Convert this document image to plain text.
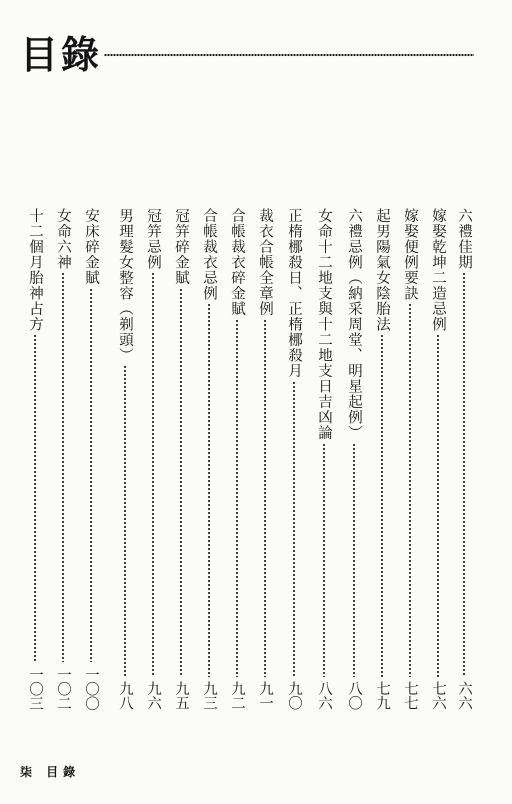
目錄
六禮佳期
六六
嫁娶乾坤二造忌例
七六
嫁娶便例要訣
七七
起男陽氣女陰胎法
七九
六禮忌例（納采周堂、明星起例）
八〇
女命十二地支與十二地支日吉凶論
八六
正楕梛殺日、正楕梛殺月
九〇
裁衣合帳全章例
九一
合帳裁衣碎金賦
九二
合帳裁衣忌例
九三
冠笄碎金賦
九五
冠笄忌例
九六
男理髮女整容（剃頭）
九八
安床碎金賦
一〇〇
女命六神
一〇二
十二個月胎神占方
一〇三
柒 目錄
